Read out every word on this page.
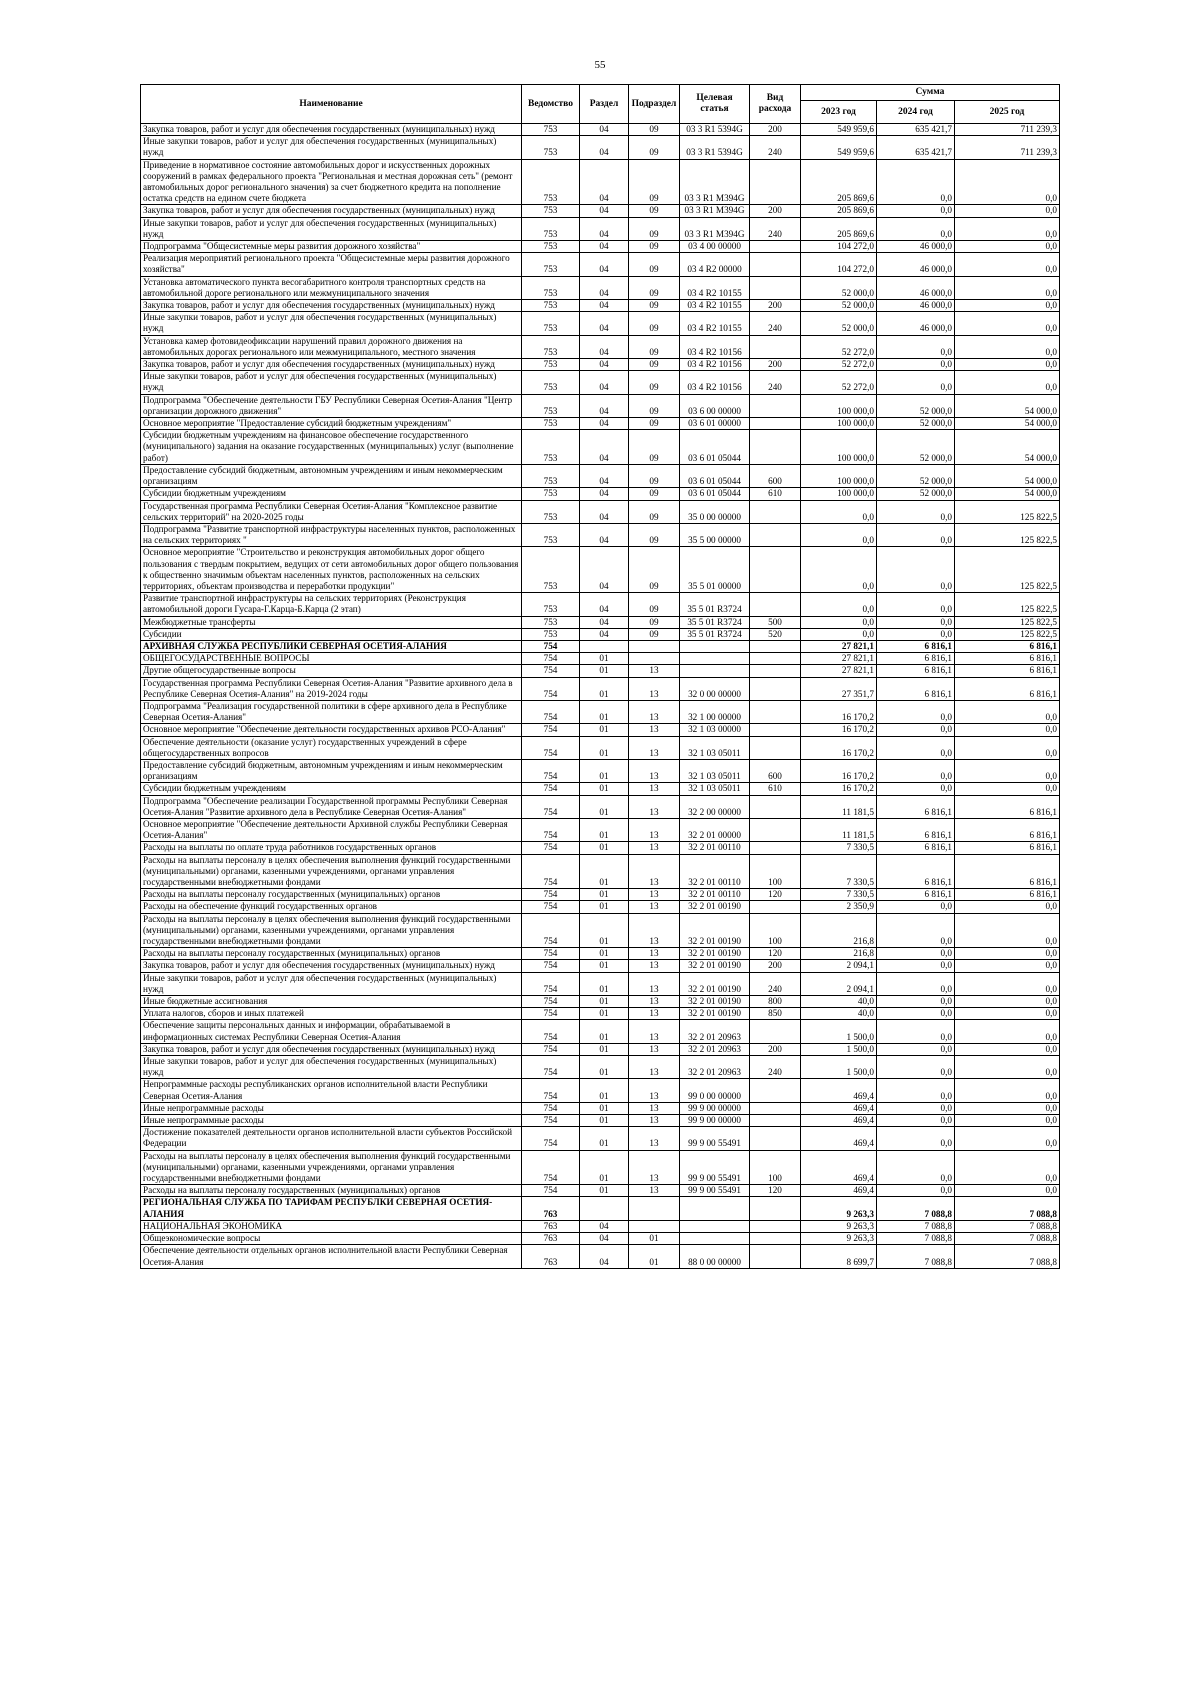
55
Наименование	Ведомство	Раздел	Подраздел	Целевая статья	Вид расхода	Сумма		
						2023 год	2024 год	2025 год
Закупка товаров, работ и услуг для обеспечения государственных (муниципальных) нужд	753	04	09	03 3 R1 5394G	200	549 959,6	635 421,7	711 239,3
Иные закупки товаров, работ и услуг для обеспечения государственных (муниципальных) нужд	753	04	09	03 3 R1 5394G	240	549 959,6	635 421,7	711 239,3
Приведение в нормативное состояние автомобильных дорог и искусственных дорожных сооружений в рамках федерального проекта "Региональная и местная дорожная сеть" (ремонт автомобильных дорог регионального значения) за счет бюджетного кредита на пополнение остатка средств на едином счете бюджета	753	04	09	03 3 R1 M394G		205 869,6	0,0	0,0
Закупка товаров, работ и услуг для обеспечения государственных (муниципальных) нужд	753	04	09	03 3 R1 M394G	200	205 869,6	0,0	0,0
Иные закупки товаров, работ и услуг для обеспечения государственных (муниципальных) нужд	753	04	09	03 3 R1 M394G	240	205 869,6	0,0	0,0
Подпрограмма "Общесистемные меры развития дорожного хозяйства"	753	04	09	03 4 00 00000		104 272,0	46 000,0	0,0
Реализация мероприятий регионального проекта "Общесистемные меры развития дорожного хозяйства"	753	04	09	03 4 R2 00000		104 272,0	46 000,0	0,0
Установка автоматического пункта весогабаритного контроля транспортных средств на автомобильной дороге регионального или межмуниципального значения	753	04	09	03 4 R2 10155		52 000,0	46 000,0	0,0
Закупка товаров, работ и услуг для обеспечения государственных (муниципальных) нужд	753	04	09	03 4 R2 10155	200	52 000,0	46 000,0	0,0
Иные закупки товаров, работ и услуг для обеспечения государственных (муниципальных) нужд	753	04	09	03 4 R2 10155	240	52 000,0	46 000,0	0,0
Установка камер фотовидеофиксации нарушений правил дорожного движения на автомобильных дорогах регионального или межмуниципального, местного значения	753	04	09	03 4 R2 10156		52 272,0	0,0	0,0
Закупка товаров, работ и услуг для обеспечения государственных (муниципальных) нужд	753	04	09	03 4 R2 10156	200	52 272,0	0,0	0,0
Иные закупки товаров, работ и услуг для обеспечения государственных (муниципальных) нужд	753	04	09	03 4 R2 10156	240	52 272,0	0,0	0,0
Подпрограмма "Обеспечение деятельности ГБУ Республики Северная Осетия-Алания "Центр организации дорожного движения"	753	04	09	03 6 00 00000		100 000,0	52 000,0	54 000,0
Основное мероприятие "Предоставление субсидий бюджетным учреждениям"	753	04	09	03 6 01 00000		100 000,0	52 000,0	54 000,0
Субсидии бюджетным учреждениям на финансовое обеспечение государственного (муниципального) задания на оказание государственных (муниципальных) услуг (выполнение работ)	753	04	09	03 6 01 05044		100 000,0	52 000,0	54 000,0
Предоставление субсидий бюджетным, автономным учреждениям и иным некоммерческим организациям	753	04	09	03 6 01 05044	600	100 000,0	52 000,0	54 000,0
Субсидии бюджетным учреждениям	753	04	09	03 6 01 05044	610	100 000,0	52 000,0	54 000,0
Государственная программа Республики Северная Осетия-Алания "Комплексное развитие сельских территорий" на 2020-2025 годы	753	04	09	35 0 00 00000		0,0	0,0	125 822,5
Подпрограмма "Развитие транспортной инфраструктуры населенных пунктов, расположенных на сельских территориях "	753	04	09	35 5 00 00000		0,0	0,0	125 822,5
Основное мероприятие "Строительство и реконструкция автомобильных дорог общего пользования с твердым покрытием, ведущих от сети автомобильных дорог общего пользования к общественно значимым объектам населенных пунктов, расположенных на сельских территориях, объектам производства и переработки продукции"	753	04	09	35 5 01 00000		0,0	0,0	125 822,5
Развитие транспортной инфраструктуры на сельских территориях (Реконструкция автомобильной дороги Гусара-Г.Карца-Б.Карца (2 этап)	753	04	09	35 5 01 R3724		0,0	0,0	125 822,5
Межбюджетные трансферты	753	04	09	35 5 01 R3724	500	0,0	0,0	125 822,5
Субсидии	753	04	09	35 5 01 R3724	520	0,0	0,0	125 822,5
АРХИВНАЯ СЛУЖБА РЕСПУБЛИКИ СЕВЕРНАЯ ОСЕТИЯ-АЛАНИЯ	754					27 821,1	6 816,1	6 816,1
ОБЩЕГОСУДАРСТВЕННЫЕ ВОПРОСЫ	754	01				27 821,1	6 816,1	6 816,1
Другие общегосударственные вопросы	754	01	13			27 821,1	6 816,1	6 816,1
Государственная программа Республики Северная Осетия-Алания "Развитие архивного дела в Республике Северная Осетия-Алания" на 2019-2024 годы	754	01	13	32 0 00 00000		27 351,7	6 816,1	6 816,1
Подпрограмма "Реализация государственной политики в сфере архивного дела в Республике Северная Осетия-Алания"	754	01	13	32 1 00 00000		16 170,2	0,0	0,0
Основное мероприятие "Обеспечение деятельности государственных архивов РСО-Алания"	754	01	13	32 1 03 00000		16 170,2	0,0	0,0
Обеспечение деятельности (оказание услуг) государственных учреждений в сфере общегосударственных вопросов	754	01	13	32 1 03 05011		16 170,2	0,0	0,0
Предоставление субсидий бюджетным, автономным учреждениям и иным некоммерческим организациям	754	01	13	32 1 03 05011	600	16 170,2	0,0	0,0
Субсидии бюджетным учреждениям	754	01	13	32 1 03 05011	610	16 170,2	0,0	0,0
Подпрограмма "Обеспечение реализации Государственной программы Республики Северная Осетия-Алания "Развитие архивного дела в Республике Северная Осетия-Алания"	754	01	13	32 2 00 00000		11 181,5	6 816,1	6 816,1
Основное мероприятие "Обеспечение деятельности Архивной службы Республики Северная Осетия-Алания"	754	01	13	32 2 01 00000		11 181,5	6 816,1	6 816,1
Расходы на выплаты по оплате труда работников государственных органов	754	01	13	32 2 01 00110		7 330,5	6 816,1	6 816,1
Расходы на выплаты персоналу в целях обеспечения выполнения функций государственными (муниципальными) органами, казенными учреждениями, органами управления государственными внебюджетными фондами	754	01	13	32 2 01 00110	100	7 330,5	6 816,1	6 816,1
Расходы на выплаты персоналу государственных (муниципальных) органов	754	01	13	32 2 01 00110	120	7 330,5	6 816,1	6 816,1
Расходы на обеспечение функций государственных органов	754	01	13	32 2 01 00190		2 350,9	0,0	0,0
Расходы на выплаты персоналу в целях обеспечения выполнения функций государственными (муниципальными) органами, казенными учреждениями, органами управления государственными внебюджетными фондами	754	01	13	32 2 01 00190	100	216,8	0,0	0,0
Расходы на выплаты персоналу государственных (муниципальных) органов	754	01	13	32 2 01 00190	120	216,8	0,0	0,0
Закупка товаров, работ и услуг для обеспечения государственных (муниципальных) нужд	754	01	13	32 2 01 00190	200	2 094,1	0,0	0,0
Иные закупки товаров, работ и услуг для обеспечения государственных (муниципальных) нужд	754	01	13	32 2 01 00190	240	2 094,1	0,0	0,0
Иные бюджетные ассигнования	754	01	13	32 2 01 00190	800	40,0	0,0	0,0
Уплата налогов, сборов и иных платежей	754	01	13	32 2 01 00190	850	40,0	0,0	0,0
Обеспечение защиты персональных данных и информации, обрабатываемой в информационных системах Республики Северная Осетия-Алания	754	01	13	32 2 01 20963		1 500,0	0,0	0,0
Закупка товаров, работ и услуг для обеспечения государственных (муниципальных) нужд	754	01	13	32 2 01 20963	200	1 500,0	0,0	0,0
Иные закупки товаров, работ и услуг для обеспечения государственных (муниципальных) нужд	754	01	13	32 2 01 20963	240	1 500,0	0,0	0,0
Непрограммные расходы республиканских органов исполнительной власти Республики Северная Осетия-Алания	754	01	13	99 0 00 00000		469,4	0,0	0,0
Иные непрограммные расходы	754	01	13	99 9 00 00000		469,4	0,0	0,0
Иные непрограммные расходы	754	01	13	99 9 00 00000		469,4	0,0	0,0
Достижение показателей деятельности органов исполнительной власти субъектов Российской Федерации	754	01	13	99 9 00 55491		469,4	0,0	0,0
Расходы на выплаты персоналу в целях обеспечения выполнения функций государственными (муниципальными) органами, казенными учреждениями, органами управления государственными внебюджетными фондами	754	01	13	99 9 00 55491	100	469,4	0,0	0,0
Расходы на выплаты персоналу государственных (муниципальных) органов	754	01	13	99 9 00 55491	120	469,4	0,0	0,0
РЕГИОНАЛЬНАЯ СЛУЖБА ПО ТАРИФАМ РЕСПУБЛКИ СЕВЕРНАЯ ОСЕТИЯ-АЛАНИЯ	763					9 263,3	7 088,8	7 088,8
НАЦИОНАЛЬНАЯ ЭКОНОМИКА	763	04				9 263,3	7 088,8	7 088,8
Общеэкономические вопросы	763	04	01			9 263,3	7 088,8	7 088,8
Обеспечение деятельности отдельных органов исполнительной власти Республики Северная Осетия-Алания	763	04	01	88 0 00 00000		8 699,7	7 088,8	7 088,8
